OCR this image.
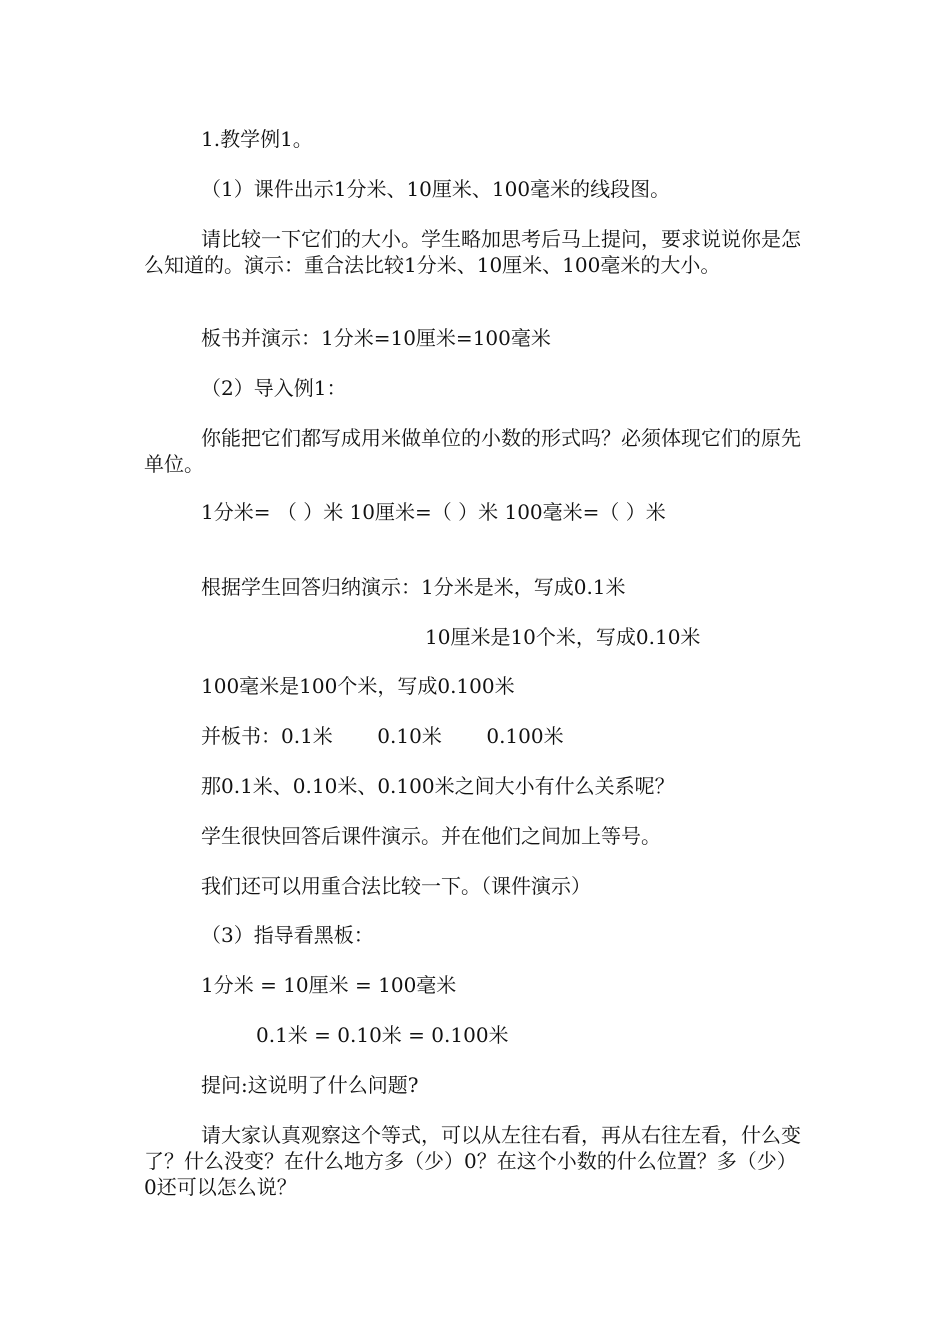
1.教学例1。

（1）课件出示1分米、10厘米、100毫米的线段图。

请比较一下它们的大小。学生略加思考后马上提问，要求说说你是怎么知道的。演示：重合法比较1分米、10厘米、100毫米的大小。

板书并演示：1分米=10厘米=100毫米

（2）导入例1：

你能把它们都写成用米做单位的小数的形式吗？必须体现它们的原先单位。

1分米= （ ）米 10厘米=（ ）米 100毫米=（ ）米

根据学生回答归纳演示：1分米是米，写成0.1米

10厘米是10个米，写成0.10米

100毫米是100个米，写成0.100米

并板书：0.1米       0.10米       0.100米

那0.1米、0.10米、0.100米之间大小有什么关系呢？

学生很快回答后课件演示。并在他们之间加上等号。

我们还可以用重合法比较一下。（课件演示）

（3）指导看黑板：

1分米 = 10厘米 = 100毫米

0.1米 = 0.10米 = 0.100米

提问:这说明了什么问题?

请大家认真观察这个等式，可以从左往右看，再从右往左看，什么变了？什么没变？在什么地方多（少）0？在这个小数的什么位置？多（少）0还可以怎么说？
